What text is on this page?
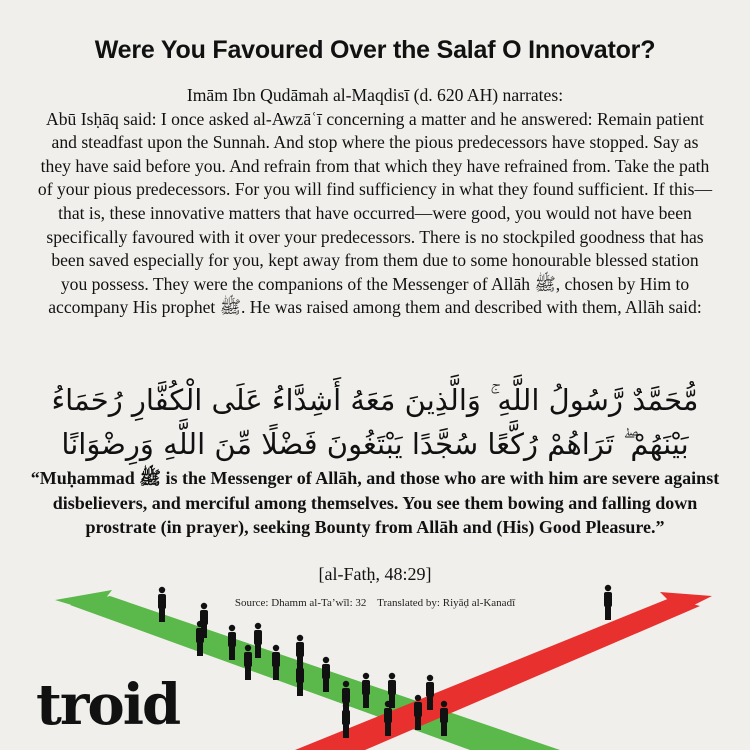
Were You Favoured Over the Salaf O Innovator?

Imām Ibn Qudāmah al-Maqdisī (d. 620 AH) narrates:

Abū Isḥāq said: I once asked al-Awzāʿī concerning a matter and he answered: Remain patient and steadfast upon the Sunnah. And stop where the pious predecessors have stopped. Say as they have said before you. And refrain from that which they have refrained from. Take the path of your pious predecessors. For you will find sufficiency in what they found sufficient. If this—that is, these innovative matters that have occurred—were good, you would not have been specifically favoured with it over your predecessors. There is no stockpiled goodness that has been saved especially for you, kept away from them due to some honourable blessed station you possess. They were the companions of the Messenger of Allāh ﷺ, chosen by Him to accompany His prophet ﷺ. He was raised among them and described with them, Allāh said:

مُّحَمَّدٌ رَّسُولُ اللَّهِ ۚ وَالَّذِينَ مَعَهُ أَشِدَّاءُ عَلَى الْكُفَّارِ رُحَمَاءُ بَيْنَهُمْ ۖ تَرَاهُمْ رُكَّعًا سُجَّدًا يَبْتَغُونَ فَضْلًا مِّنَ اللَّهِ وَرِضْوَانًا
“Muḥammad ﷺ is the Messenger of Allāh, and those who are with him are severe against disbelievers, and merciful among themselves. You see them bowing and falling down prostrate (in prayer), seeking Bounty from Allāh and (His) Good Pleasure.”
[al-Fatḥ, 48:29]
Source: Dhamm al-Ta’wīl: 32 Translated by: Riyāḍ al-Kanadī
troid
